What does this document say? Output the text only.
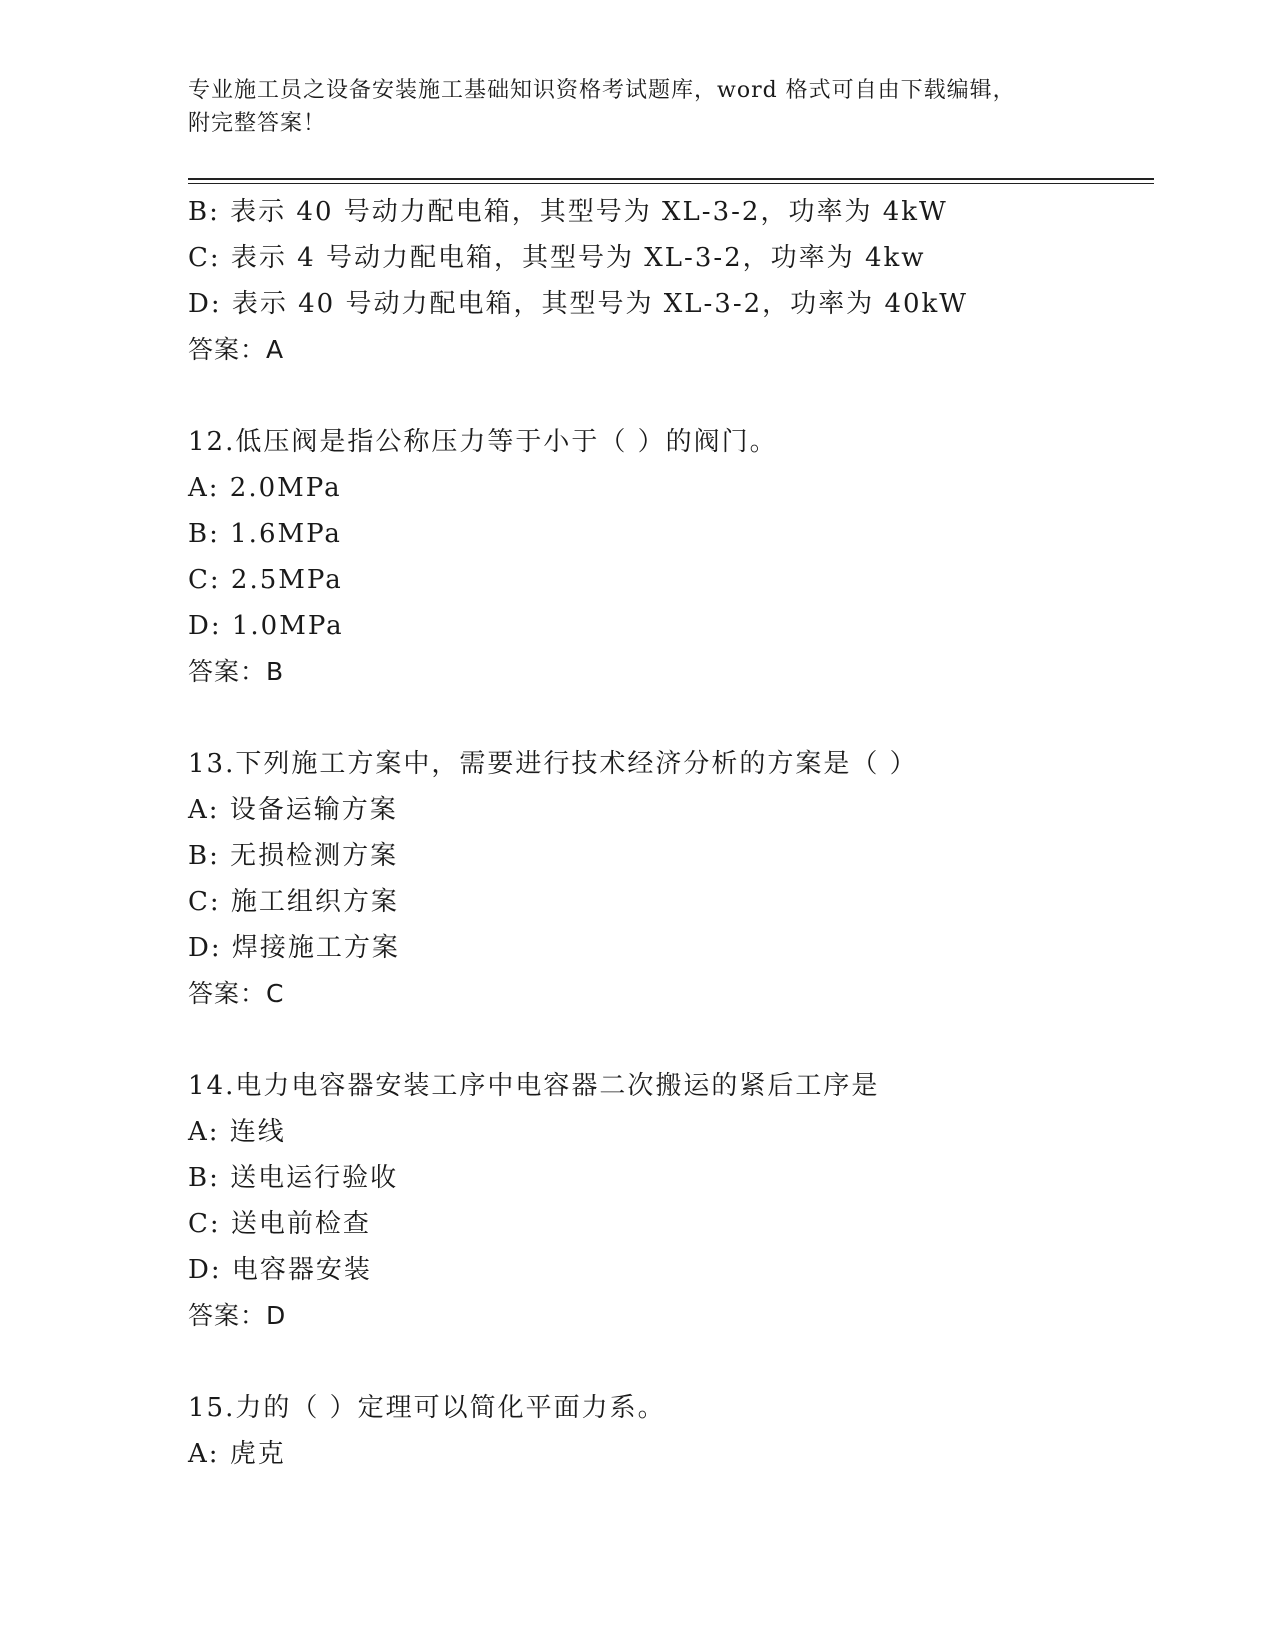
专业施工员之设备安装施工基础知识资格考试题库，word 格式可自由下载编辑，
附完整答案！
B: 表示 40 号动力配电箱，其型号为 XL-3-2，功率为 4kW
C: 表示 4 号动力配电箱，其型号为 XL-3-2，功率为 4kw
D: 表示 40 号动力配电箱，其型号为 XL-3-2，功率为 40kW
答案：A
12.低压阀是指公称压力等于小于（ ）的阀门。
A: 2.0MPa
B: 1.6MPa
C: 2.5MPa
D: 1.0MPa
答案：B
13.下列施工方案中，需要进行技术经济分析的方案是（ ）
A: 设备运输方案
B: 无损检测方案
C: 施工组织方案
D: 焊接施工方案
答案：C
14.电力电容器安装工序中电容器二次搬运的紧后工序是
A: 连线
B: 送电运行验收
C: 送电前检查
D: 电容器安装
答案：D
15.力的（ ）定理可以简化平面力系。
A: 虎克
